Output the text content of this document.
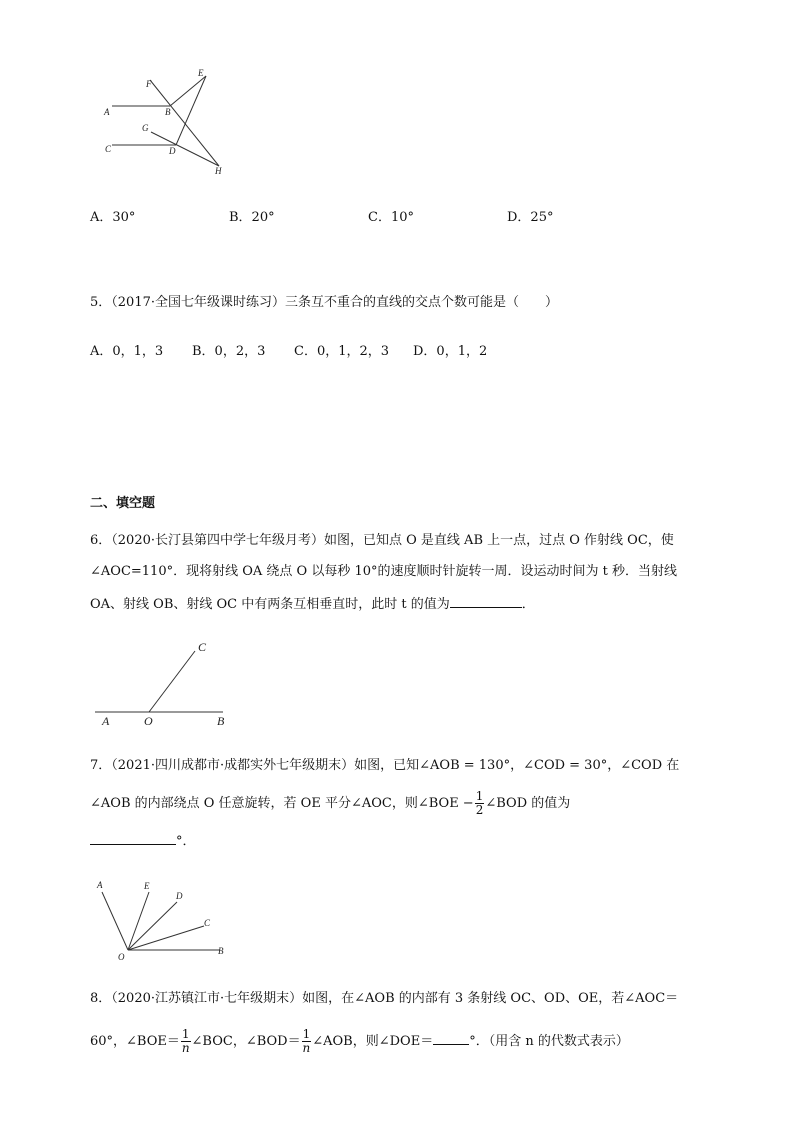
F
E
A	B
G
C	D
H
A．30°	B．20°	C．10°	D．25°
5．（2017·全国七年级课时练习）三条互不重合的直线的交点个数可能是（　　）
A．0，1，3 B．0，2，3 C．0，1，2，3 D．0，1，2
二、填空题
6．（2020·长汀县第四中学七年级月考）如图，已知点 O 是直线 AB 上一点，过点 O 作射线 OC，使
∠AOC=110°．现将射线 OA 绕点 O 以每秒 10°的速度顺时针旋转一周．设运动时间为 t 秒．当射线
OA、射线 OB、射线 OC 中有两条互相垂直时，此时 t 的值为	．
C
A	O	B
7．（2021·四川成都市·成都实外七年级期末）如图，已知∠AOB = 130°，∠COD = 30°，∠COD 在
∠AOB 的内部绕点 O 任意旋转，若 OE 平分∠AOC，则∠BOE − $\frac{1}{2}$ ∠BOD 的值为
°．
A	E
D
C
O
B
8．（2020·江苏镇江市·七年级期末）如图，在∠AOB 的内部有 3 条射线 OC、OD、OE，若∠AOC＝
60°，∠BOE＝ $\frac{1}{n}$ ∠BOC，∠BOD＝ $\frac{1}{n}$ ∠AOB，则∠DOE＝	°．（用含 n 的代数式表示）
